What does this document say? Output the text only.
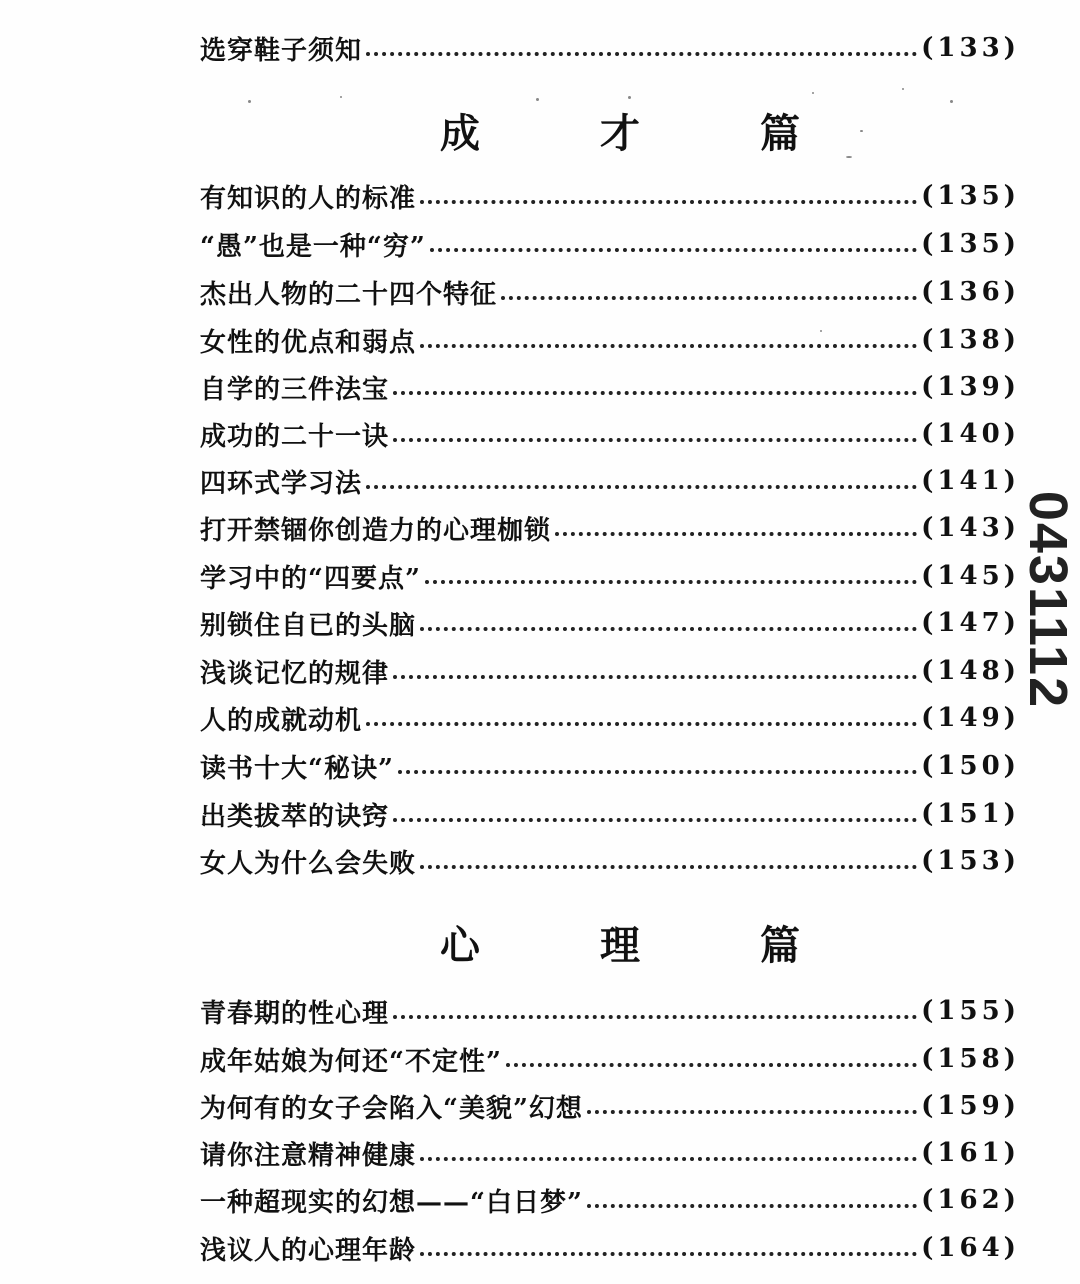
选穿鞋子须知	(133)
成	才	篇
有知识的人的标准	(135)
“愚”也是一种“穷”	(135)
杰出人物的二十四个特征	(136)
女性的优点和弱点	(138)
自学的三件法宝	(139)
成功的二十一诀	(140)
四环式学习法	(141)
打开禁锢你创造力的心理枷锁	(143)
学习中的“四要点”	(145)
别锁住自已的头脑	(147)
浅谈记忆的规律	(148)
人的成就动机	(149)
读书十大“秘诀”	(150)
出类拔萃的诀窍	(151)
女人为什么会失败	(153)
心	理	篇
青春期的性心理	(155)
成年姑娘为何还“不定性”	(158)
为何有的女子会陷入“美貌”幻想	(159)
请你注意精神健康	(161)
一种超现实的幻想——“白日梦”	(162)
浅议人的心理年龄	(164)
0431112
